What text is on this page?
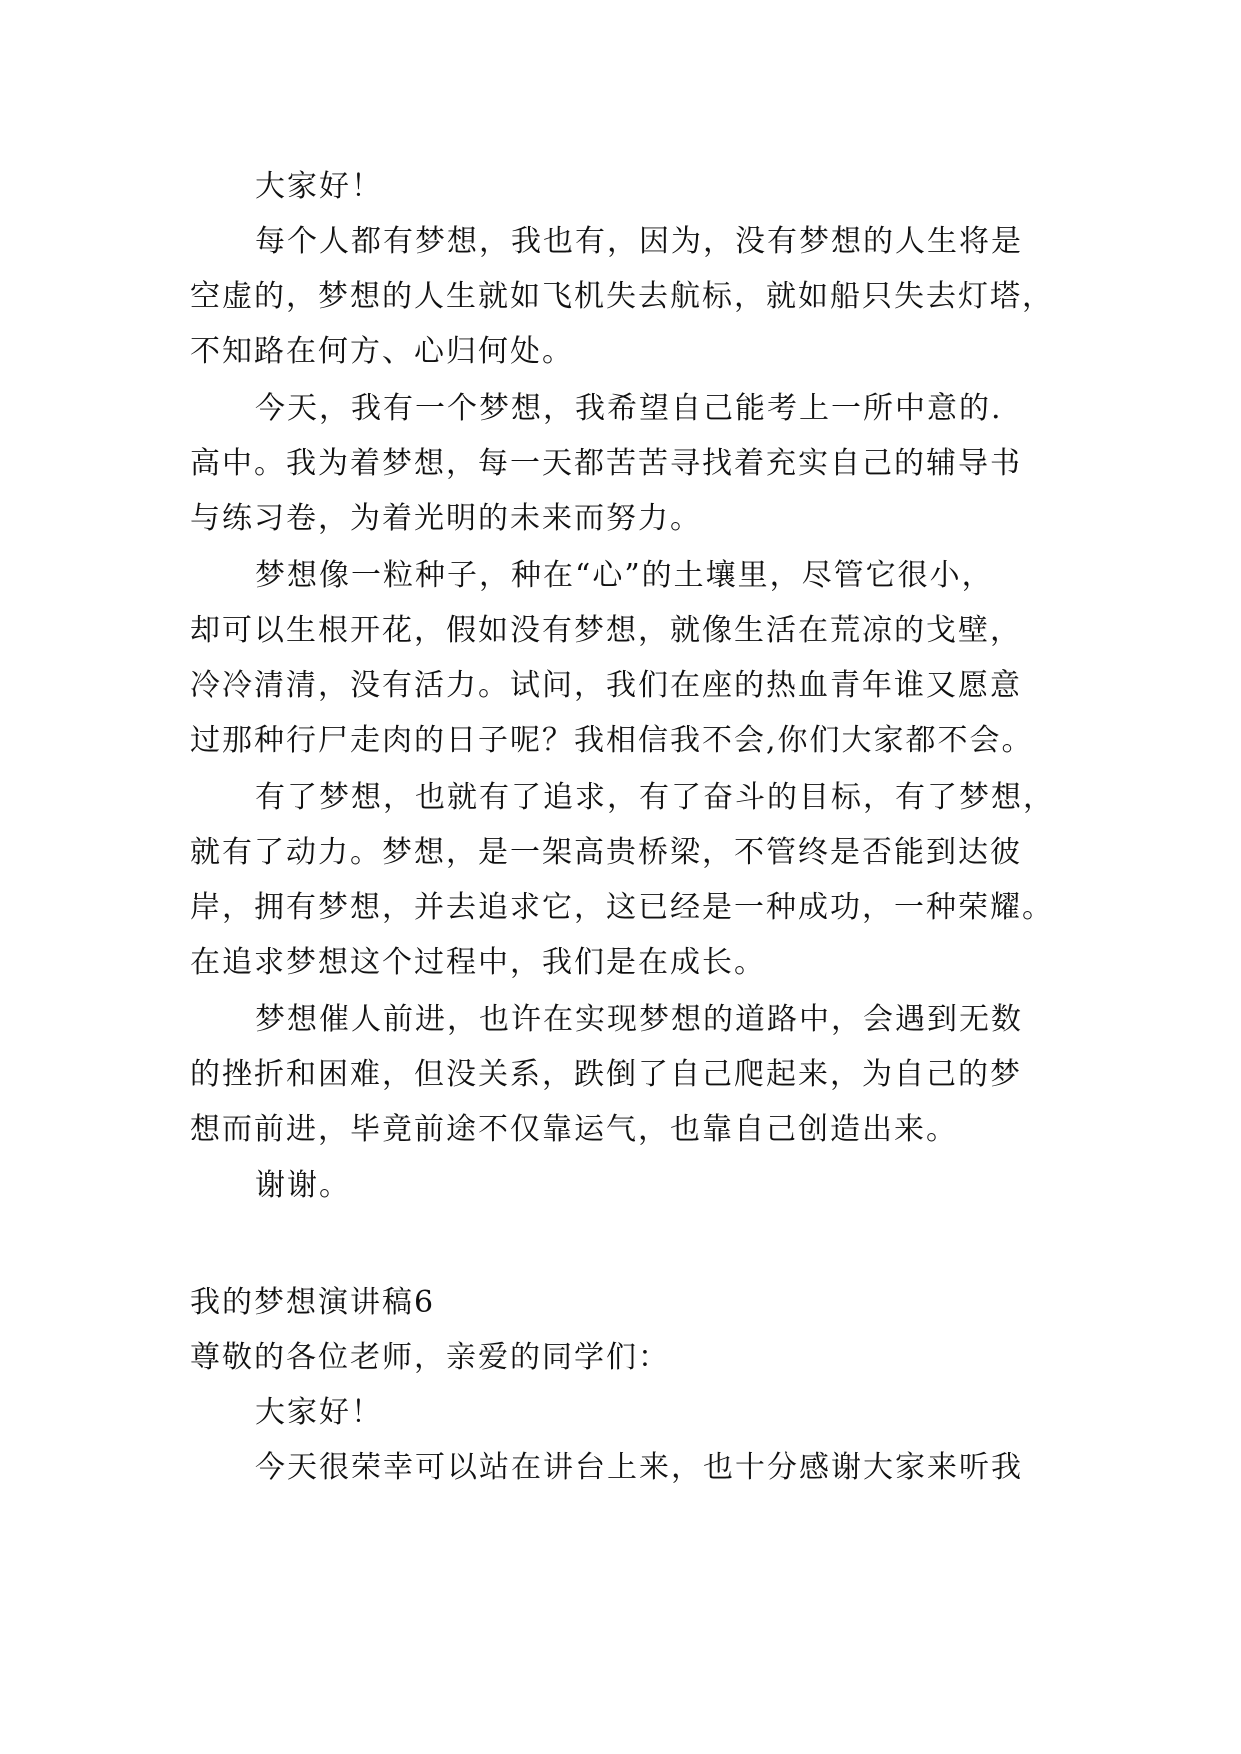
大家好！
每个人都有梦想，我也有，因为，没有梦想的人生将是
空虚的，梦想的人生就如飞机失去航标，就如船只失去灯塔，
不知路在何方、心归何处。
今天，我有一个梦想，我希望自己能考上一所中意的.
高中。我为着梦想，每一天都苦苦寻找着充实自己的辅导书
与练习卷，为着光明的未来而努力。
梦想像一粒种子，种在“心”的土壤里，尽管它很小，
却可以生根开花，假如没有梦想，就像生活在荒凉的戈壁，
冷冷清清，没有活力。试问，我们在座的热血青年谁又愿意
过那种行尸走肉的日子呢？我相信我不会,你们大家都不会。
有了梦想，也就有了追求，有了奋斗的目标，有了梦想，
就有了动力。梦想，是一架高贵桥梁，不管终是否能到达彼
岸，拥有梦想，并去追求它，这已经是一种成功，一种荣耀。
在追求梦想这个过程中，我们是在成长。
梦想催人前进，也许在实现梦想的道路中，会遇到无数
的挫折和困难，但没关系，跌倒了自己爬起来，为自己的梦
想而前进，毕竟前途不仅靠运气，也靠自己创造出来。
谢谢。
我的梦想演讲稿6
尊敬的各位老师，亲爱的同学们：
大家好！
今天很荣幸可以站在讲台上来，也十分感谢大家来听我
